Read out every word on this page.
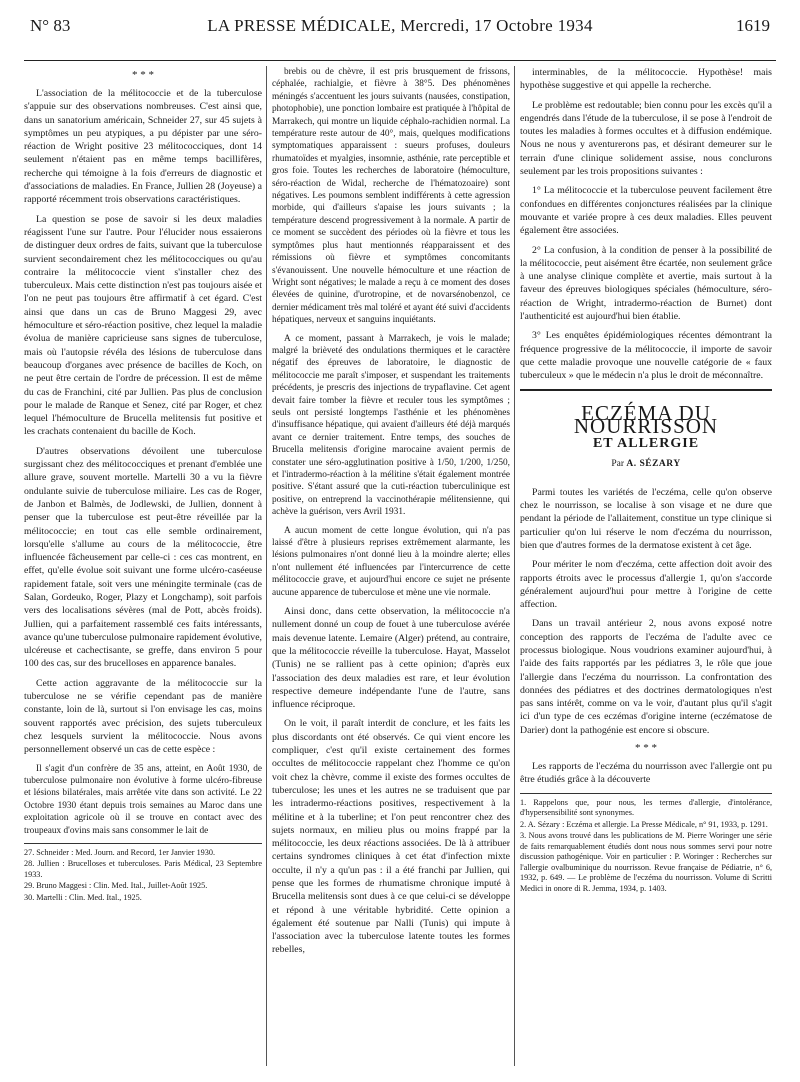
N° 83	LA PRESSE MÉDICALE, Mercredi, 17 Octobre 1934	1619
* * *

L'association de la mélitococcie et de la tuberculose s'appuie sur des observations nombreuses. C'est ainsi que, dans un sanatorium américain, Schneider 27, sur 45 sujets à symptômes un peu atypiques, a pu dépister par une séro-réaction de Wright positive 23 mélitococciques, dont 14 seulement n'étaient pas en même temps bacillifères, recherche qui témoigne à la fois d'erreurs de diagnostic et d'associations de maladies. En France, Jullien 28 (Joyeuse) a rapporté récemment trois observations caractéristiques.

La question se pose de savoir si les deux maladies réagissent l'une sur l'autre. Pour l'élucider nous essaierons de distinguer deux ordres de faits, suivant que la tuberculose survient secondairement chez les mélitococciques ou qu'au contraire la mélitococcie vient s'installer chez des tuberculeux. Mais cette distinction n'est pas toujours aisée et l'on ne peut pas toujours être affirmatif à cet égard. C'est ainsi que dans un cas de Bruno Maggesi 29, avec hémoculture et séro-réaction positive, chez lequel la maladie évolua de manière capricieuse sans signes de tuberculose, mais où l'autopsie révéla des lésions de tuberculose dans beaucoup d'organes avec présence de bacilles de Koch, on ne peut être certain de l'ordre de précession. Il est de même du cas de Franchini, cité par Jullien. Pas plus de conclusion pour le malade de Ranque et Senez, cité par Roger, et chez lequel l'hémoculture de Brucella melitensis fut positive et les crachats contenaient du bacille de Koch.

D'autres observations dévoilent une tuberculose surgissant chez des mélitococciques et prenant d'emblée une allure grave, souvent mortelle. Martelli 30 a vu la fièvre ondulante suivie de tuberculose miliaire. Les cas de Roger, de Janbon et Balmès, de Jodlewski, de Jullien, donnent à penser que la tuberculose est peut-être réveillée par la mélitococcie; en tout cas elle semble ordinairement, lorsqu'elle s'allume au cours de la mélitococcie, être influencée fâcheusement par celle-ci : ces cas montrent, en effet, qu'elle évolue soit suivant une forme ulcéro-caséeuse rapidement fatale, soit vers une méningite terminale (cas de Salan, Gordeuko, Roger, Plazy et Longchamp), soit parfois vers des localisations sévères (mal de Pott, abcès froids). Jullien, qui a parfaitement rassemblé ces faits intéressants, avance qu'une tuberculose pulmonaire rapidement évolutive, ulcéreuse et cachectisante, se greffe, dans environ 5 pour 100 des cas, sur des brucelloses en apparence banales.

Cette action aggravante de la mélitococcie sur la tuberculose ne se vérifie cependant pas de manière constante, loin de là, surtout si l'on envisage les cas, moins souvent rapportés avec précision, des sujets tuberculeux chez lesquels survient la mélitococcie. Nous avons personnellement observé un cas de cette espèce :

Il s'agit d'un confrère de 35 ans, atteint, en Août 1930, de tuberculose pulmonaire non évolutive à forme ulcéro-fibreuse et lésions bilatérales, mais arrêtée vite dans son activité. Le 22 Octobre 1930 étant depuis trois semaines au Maroc dans une exploitation agricole où il se trouve en contact avec des troupeaux d'ovins mais sans consommer le lait de

27. Schneider : Med. Journ. and Record, 1er Janvier 1930.

28. Jullien : Brucelloses et tuberculoses. Paris Médical, 23 Septembre 1933.

29. Bruno Maggesi : Clin. Med. Ital., Juillet-Août 1925.

30. Martelli : Clin. Med. Ital., 1925.

brebis ou de chèvre, il est pris brusquement de frissons, céphalée, rachialgie, et fièvre à 38°5. Des phénomènes méningés s'accentuent les jours suivants (nausées, constipation, photophobie), une ponction lombaire est pratiquée à l'hôpital de Marrakech, qui montre un liquide céphalo-rachidien normal. La température reste autour de 40°, mais, quelques modifications symptomatiques apparaissent : sueurs profuses, douleurs rhumatoïdes et myalgies, insomnie, asthénie, rate perceptible et gros foie. Toutes les recherches de laboratoire (hémoculture, séro-réaction de Widal, recherche de l'hématozoaire) sont négatives. Les poumons semblent indifférents à cette agression morbide, qui d'ailleurs s'apaise les jours suivants ; la température descend progressivement à la normale. A partir de ce moment se succèdent des périodes où la fièvre et tous les symptômes plus haut mentionnés réapparaissent et des rémissions où fièvre et symptômes concomitants s'évanouissent. Une nouvelle hémoculture et une réaction de Wright sont négatives; le malade a reçu à ce moment des doses élevées de quinine, d'urotropine, et de novarsénobenzol, ce dernier médicament très mal toléré et ayant été suivi d'accidents hépatiques, nerveux et sanguins inquiétants.

A ce moment, passant à Marrakech, je vois le malade; malgré la brièveté des ondulations thermiques et le caractère négatif des épreuves de laboratoire, le diagnostic de mélitococcie me paraît s'imposer, et suspendant les traitements précédents, je prescris des injections de trypaflavine. Cet agent devait faire tomber la fièvre et reculer tous les symptômes ; seuls ont persisté longtemps l'asthénie et les phénomènes d'insuffisance hépatique, qui avaient d'ailleurs été déjà marqués avant ce dernier traitement. Entre temps, des souches de Brucella melitensis d'origine marocaine avaient permis de constater une séro-agglutination positive à 1/50, 1/200, 1/250, et l'intradermo-réaction à la mélitine s'était également montrée positive. S'étant assuré que la cuti-réaction tuberculinique est positive, on entreprend la vaccinothérapie mélitensienne, qui achève la guérison, vers Avril 1931.

A aucun moment de cette longue évolution, qui n'a pas laissé d'être à plusieurs reprises extrêmement alarmante, les lésions pulmonaires n'ont donné lieu à la moindre alerte; elles n'ont nullement été influencées par l'intercurrence de cette mélitococcie grave, et aujourd'hui encore ce sujet ne présente aucune apparence de tuberculose et mène une vie normale.

Ainsi donc, dans cette observation, la mélitococcie n'a nullement donné un coup de fouet à une tuberculose avérée mais devenue latente. Lemaire (Alger) prétend, au contraire, que la mélitococcie réveille la tuberculose. Hayat, Masselot (Tunis) ne se rallient pas à cette opinion; d'après eux l'association des deux maladies est rare, et leur évolution respective demeure indépendante l'une de l'autre, sans influence réciproque.

On le voit, il paraît interdit de conclure, et les faits les plus discordants ont été observés. Ce qui vient encore les compliquer, c'est qu'il existe certainement des formes occultes de mélitococcie rappelant chez l'homme ce qu'on voit chez la chèvre, comme il existe des formes occultes de tuberculose; les unes et les autres ne se traduisent que par les intradermo-réactions positives, respectivement à la mélitine et à la tuberline; et l'on peut rencontrer chez des sujets normaux, en milieu plus ou moins frappé par la mélitococcie, les deux réactions associées. De là à attribuer certains syndromes cliniques à cet état d'infection mixte occulte, il n'y a qu'un pas : il a été franchi par Jullien, qui pense que les formes de rhumatisme chronique imputé à Brucella melitensis sont dues à ce que celui-ci se développe et répond à une véritable hybridité. Cette opinion a également été soutenue par Nalli (Tunis) qui impute à l'association avec la tuberculose latente toutes les formes rebelles,

interminables, de la mélitococcie. Hypothèse! mais hypothèse suggestive et qui appelle la recherche.

Le problème est redoutable; bien connu pour les excès qu'il a engendrés dans l'étude de la tuberculose, il se pose à l'endroit de toutes les maladies à formes occultes et à diffusion endémique. Nous ne nous y aventurerons pas, et désirant demeurer sur le terrain d'une clinique solidement assise, nous conclurons seulement par les trois propositions suivantes :

1° La mélitococcie et la tuberculose peuvent facilement être confondues en différentes conjonctures réalisées par la clinique mouvante et variée propre à ces deux maladies. Elles peuvent également être associées.

2° La confusion, à la condition de penser à la possibilité de la mélitococcie, peut aisément être écartée, non seulement grâce à une analyse clinique complète et avertie, mais surtout à la faveur des épreuves biologiques spéciales (hémoculture, séro-réaction de Wright, intradermo-réaction de Burnet) dont l'authenticité est aujourd'hui bien établie.

3° Les enquêtes épidémiologiques récentes démontrant la fréquence progressive de la mélitococcie, il importe de savoir que cette maladie provoque une nouvelle catégorie de « faux tuberculeux » que le médecin n'a plus le droit de méconnaître.

ECZÉMA DU NOURRISSON
ET ALLERGIE
Par A. SÉZARY

Parmi toutes les variétés de l'eczéma, celle qu'on observe chez le nourrisson, se localise à son visage et ne dure que pendant la période de l'allaitement, constitue un type clinique si particulier qu'on lui réserve le nom d'eczéma du nourrisson, bien que d'autres formes de la dermatose existent à cet âge.

Pour mériter le nom d'eczéma, cette affection doit avoir des rapports étroits avec le processus d'allergie 1, qu'on s'accorde généralement aujourd'hui pour mettre à l'origine de cette affection.

Dans un travail antérieur 2, nous avons exposé notre conception des rapports de l'eczéma de l'adulte avec ce processus biologique. Nous voudrions examiner aujourd'hui, à l'aide des faits rapportés par les pédiatres 3, le rôle que joue l'allergie dans l'eczéma du nourrisson. La confrontation des données des pédiatres et des doctrines dermatologiques n'est pas sans intérêt, comme on va le voir, d'autant plus qu'il s'agit ici d'un type de ces eczémas d'origine interne (eczématose de Darier) dont la pathogénie est encore si obscure.

* * *

Les rapports de l'eczéma du nourrisson avec l'allergie ont pu être étudiés grâce à la découverte

1. Rappelons que, pour nous, les termes d'allergie, d'intolérance, d'hypersensibilité sont synonymes.

2. A. Sézary : Eczéma et allergie. La Presse Médicale, n° 91, 1933, p. 1291.

3. Nous avons trouvé dans les publications de M. Pierre Woringer une série de faits remarquablement étudiés dont nous nous sommes servi pour notre discussion pathogénique. Voir en particulier : P. Woringer : Recherches sur l'allergie ovalbuminique du nourrisson. Revue française de Pédiatrie, n° 6, 1932, p. 649. — Le problème de l'eczéma du nourrisson. Volume di Scritti Medici in onore di R. Jemma, 1934, p. 1403.
